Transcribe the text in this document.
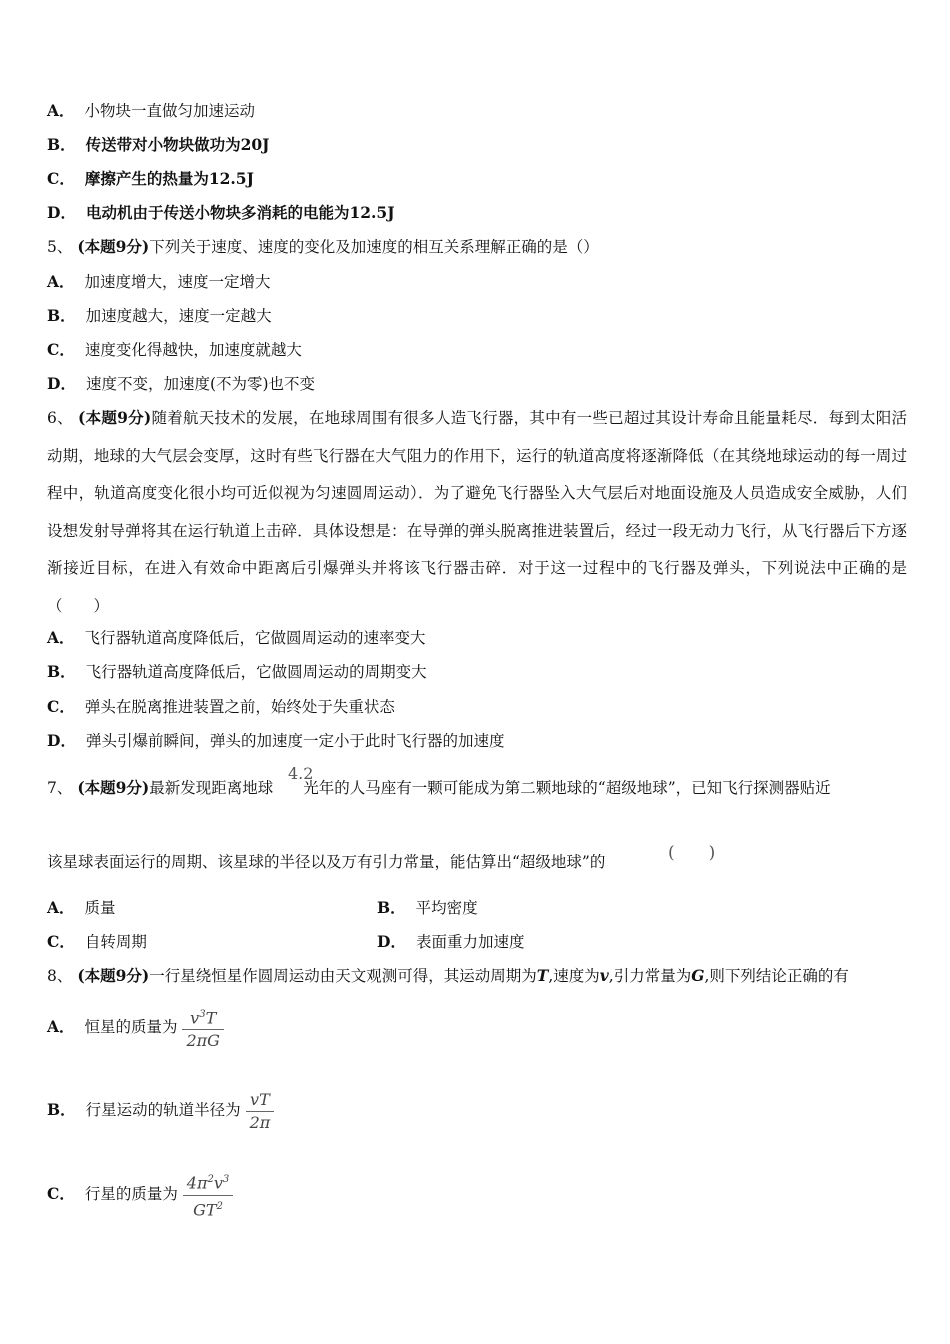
A． 小物块一直做匀加速运动
B． 传送带对小物块做功为20J
C． 摩擦产生的热量为12.5J
D． 电动机由于传送小物块多消耗的电能为12.5J
5、 (本题9分)下列关于速度、速度的变化及加速度的相互关系理解正确的是（）
A． 加速度增大，速度一定增大
B． 加速度越大，速度一定越大
C． 速度变化得越快，加速度就越大
D． 速度不变，加速度(不为零)也不变
6、 (本题9分)随着航天技术的发展，在地球周围有很多人造飞行器，其中有一些已超过其设计寿命且能量耗尽．每到太阳活动期，地球的大气层会变厚，这时有些飞行器在大气阻力的作用下，运行的轨道高度将逐渐降低（在其绕地球运动的每一周过程中，轨道高度变化很小均可近似视为匀速圆周运动）．为了避免飞行器坠入大气层后对地面设施及人员造成安全威胁，人们设想发射导弹将其在运行轨道上击碎．具体设想是：在导弹的弹头脱离推进装置后，经过一段无动力飞行，从飞行器后下方逐渐接近目标，在进入有效命中距离后引爆弹头并将该飞行器击碎．对于这一过程中的飞行器及弹头，下列说法中正确的是（　　）
A． 飞行器轨道高度降低后，它做圆周运动的速率变大
B． 飞行器轨道高度降低后，它做圆周运动的周期变大
C． 弹头在脱离推进装置之前，始终处于失重状态
D． 弹头引爆前瞬间，弹头的加速度一定小于此时飞行器的加速度
7、 (本题9分)最新发现距离地球 光年的人马座有一颗可能成为第二颗地球的“超级地球”，已知飞行探测器贴近
4.2
该星球表面运行的周期、该星球的半径以及万有引力常量，能估算出“超级地球”的	(　　)
A． 质量	B． 平均密度
C． 自转周期	D． 表面重力加速度
8、 (本题9分)一行星绕恒星作圆周运动由天文观测可得，其运动周期为T,速度为v,引力常量为G,则下列结论正确的有
A． 恒星的质量为 $\frac{v^3T}{2\pi G}$
B． 行星运动的轨道半径为 $\frac{vT}{2\pi}$
C． 行星的质量为 $\frac{4\pi^2v^3}{GT^2}$
